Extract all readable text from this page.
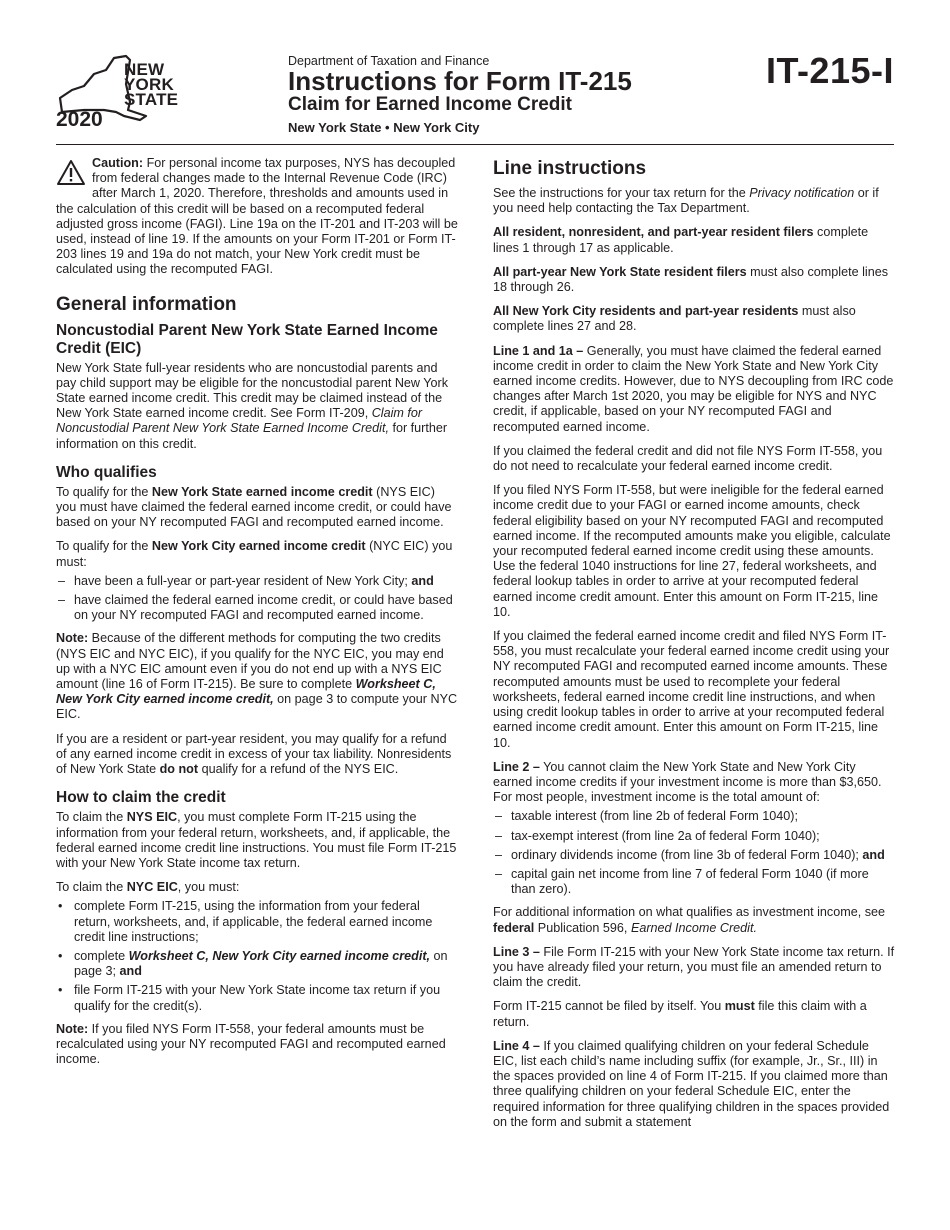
NEW
YORK
STATE
2020
Department of Taxation and Finance
Instructions for Form IT-215
Claim for Earned Income Credit
New York State • New York City
IT-215-I

Caution: For personal income tax purposes, NYS has decoupled from federal changes made to the Internal Revenue Code (IRC) after March 1, 2020. Therefore, thresholds and amounts used in the calculation of this credit will be based on a recomputed federal adjusted gross income (FAGI). Line 19a on the IT-201 and IT-203 will be used, instead of line 19. If the amounts on your Form IT-201 or Form IT-203 lines 19 and 19a do not match, your New York credit must be calculated using the recomputed FAGI.

General information
Noncustodial Parent New York State Earned Income Credit (EIC)

New York State full-year residents who are noncustodial parents and pay child support may be eligible for the noncustodial parent New York State earned income credit. This credit may be claimed instead of the New York State earned income credit. See Form IT-209, Claim for Noncustodial Parent New York State Earned Income Credit, for further information on this credit.

Who qualifies

To qualify for the New York State earned income credit (NYS EIC) you must have claimed the federal earned income credit, or could have based on your NY recomputed FAGI and recomputed earned income.

To qualify for the New York City earned income credit (NYC EIC) you must:

– have been a full-year or part-year resident of New York City; and
– have claimed the federal earned income credit, or could have based on your NY recomputed FAGI and recomputed earned income.

Note: Because of the different methods for computing the two credits (NYS EIC and NYC EIC), if you qualify for the NYC EIC, you may end up with a NYC EIC amount even if you do not end up with a NYS EIC amount (line 16 of Form IT-215). Be sure to complete Worksheet C, New York City earned income credit, on page 3 to compute your NYC EIC.

If you are a resident or part-year resident, you may qualify for a refund of any earned income credit in excess of your tax liability. Nonresidents of New York State do not qualify for a refund of the NYS EIC.

How to claim the credit

To claim the NYS EIC, you must complete Form IT-215 using the information from your federal return, worksheets, and, if applicable, the federal earned income credit line instructions. You must file Form IT-215 with your New York State income tax return.

To claim the NYC EIC, you must:

• complete Form IT-215, using the information from your federal return, worksheets, and, if applicable, the federal earned income credit line instructions;
• complete Worksheet C, New York City earned income credit, on page 3; and
• file Form IT-215 with your New York State income tax return if you qualify for the credit(s).

Note: If you filed NYS Form IT-558, your federal amounts must be recalculated using your NY recomputed FAGI and recomputed earned income.

Line instructions

See the instructions for your tax return for the Privacy notification or if you need help contacting the Tax Department.

All resident, nonresident, and part-year resident filers complete lines 1 through 17 as applicable.

All part-year New York State resident filers must also complete lines 18 through 26.

All New York City residents and part-year residents must also complete lines 27 and 28.

Line 1 and 1a – Generally, you must have claimed the federal earned income credit in order to claim the New York State and New York City earned income credits. However, due to NYS decoupling from IRC code changes after March 1st 2020, you may be eligible for NYS and NYC credit, if applicable, based on your NY recomputed FAGI and recomputed earned income.

If you claimed the federal credit and did not file NYS Form IT-558, you do not need to recalculate your federal earned income credit.

If you filed NYS Form IT-558, but were ineligible for the federal earned income credit due to your FAGI or earned income amounts, check federal eligibility based on your NY recomputed FAGI and recomputed earned income. If the recomputed amounts make you eligible, calculate your recomputed federal earned income credit using these amounts. Use the federal 1040 instructions for line 27, federal worksheets, and federal lookup tables in order to arrive at your recomputed federal earned income credit amount. Enter this amount on Form IT-215, line 10.

If you claimed the federal earned income credit and filed NYS Form IT-558, you must recalculate your federal earned income credit using your NY recomputed FAGI and recomputed earned income amounts. These recomputed amounts must be used to recomplete your federal worksheets, federal earned income credit line instructions, and when using credit lookup tables in order to arrive at your recomputed federal earned income credit amount. Enter this amount on Form IT-215, line 10.

Line 2 – You cannot claim the New York State and New York City earned income credits if your investment income is more than $3,650. For most people, investment income is the total amount of:

– taxable interest (from line 2b of federal Form 1040);
– tax-exempt interest (from line 2a of federal Form 1040);
– ordinary dividends income (from line 3b of federal Form 1040); and
– capital gain net income from line 7 of federal Form 1040 (if more than zero).

For additional information on what qualifies as investment income, see federal Publication 596, Earned Income Credit.

Line 3 – File Form IT-215 with your New York State income tax return. If you have already filed your return, you must file an amended return to claim the credit.

Form IT-215 cannot be filed by itself. You must file this claim with a return.

Line 4 – If you claimed qualifying children on your federal Schedule EIC, list each child’s name including suffix (for example, Jr., Sr., III) in the spaces provided on line 4 of Form IT-215. If you claimed more than three qualifying children on your federal Schedule EIC, enter the required information for three qualifying children in the spaces provided on the form and submit a statement
